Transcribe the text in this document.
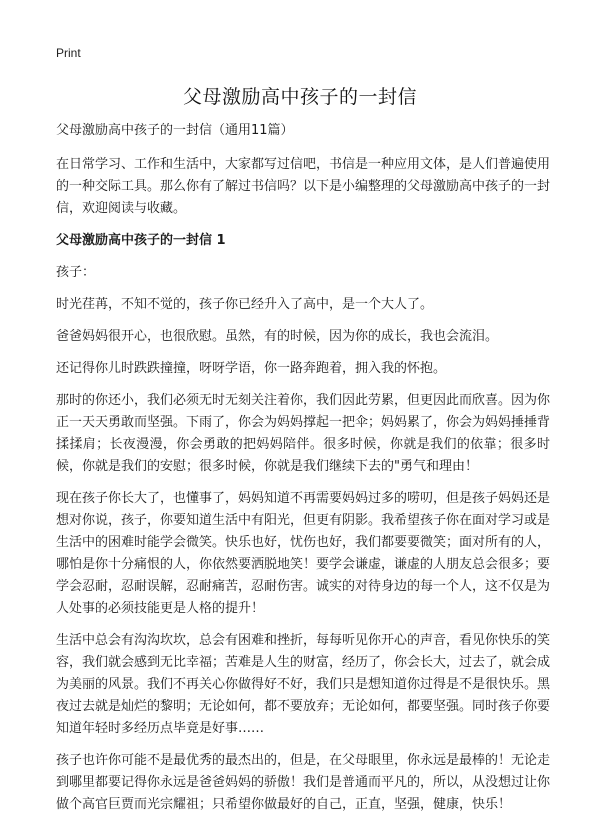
Print
父母激励高中孩子的一封信

父母激励高中孩子的一封信（通用11篇）

在日常学习、工作和生活中，大家都写过信吧，书信是一种应用文体，是人们普遍使用的一种交际工具。那么你有了解过书信吗？以下是小编整理的父母激励高中孩子的一封信，欢迎阅读与收藏。

父母激励高中孩子的一封信 1

孩子：

时光荏苒，不知不觉的，孩子你已经升入了高中，是一个大人了。

爸爸妈妈很开心，也很欣慰。虽然，有的时候，因为你的成长，我也会流泪。

还记得你儿时跌跌撞撞，呀呀学语，你一路奔跑着，拥入我的怀抱。

那时的你还小，我们必须无时无刻关注着你，我们因此劳累，但更因此而欣喜。因为你正一天天勇敢而坚强。下雨了，你会为妈妈撑起一把伞；妈妈累了，你会为妈妈捶捶背揉揉肩；长夜漫漫，你会勇敢的把妈妈陪伴。很多时候，你就是我们的依靠；很多时候，你就是我们的安慰；很多时候，你就是我们继续下去的"勇气和理由！

现在孩子你长大了，也懂事了，妈妈知道不再需要妈妈过多的唠叨，但是孩子妈妈还是想对你说，孩子，你要知道生活中有阳光，但更有阴影。我希望孩子你在面对学习或是生活中的困难时能学会微笑。快乐也好，忧伤也好，我们都要要微笑；面对所有的人，哪怕是你十分痛恨的人，你依然要洒脱地笑！要学会谦虚，谦虚的人朋友总会很多；要学会忍耐，忍耐误解，忍耐痛苦，忍耐伤害。诚实的对待身边的每一个人，这不仅是为人处事的必须技能更是人格的提升！

生活中总会有沟沟坎坎，总会有困难和挫折，每每听见你开心的声音，看见你快乐的笑容，我们就会感到无比幸福；苦难是人生的财富，经历了，你会长大，过去了，就会成为美丽的风景。我们不再关心你做得好不好，我们只是想知道你过得是不是很快乐。黑夜过去就是灿烂的黎明；无论如何，都不要放弃；无论如何，都要坚强。同时孩子你要知道年轻时多经历点毕竟是好事……

孩子也许你可能不是最优秀的最杰出的，但是，在父母眼里，你永远是最棒的！无论走到哪里都要记得你永远是爸爸妈妈的骄傲！我们是普通而平凡的，所以，从没想过让你做个高官巨贾而光宗耀祖；只希望你做最好的自己，正直，坚强，健康，快乐！
